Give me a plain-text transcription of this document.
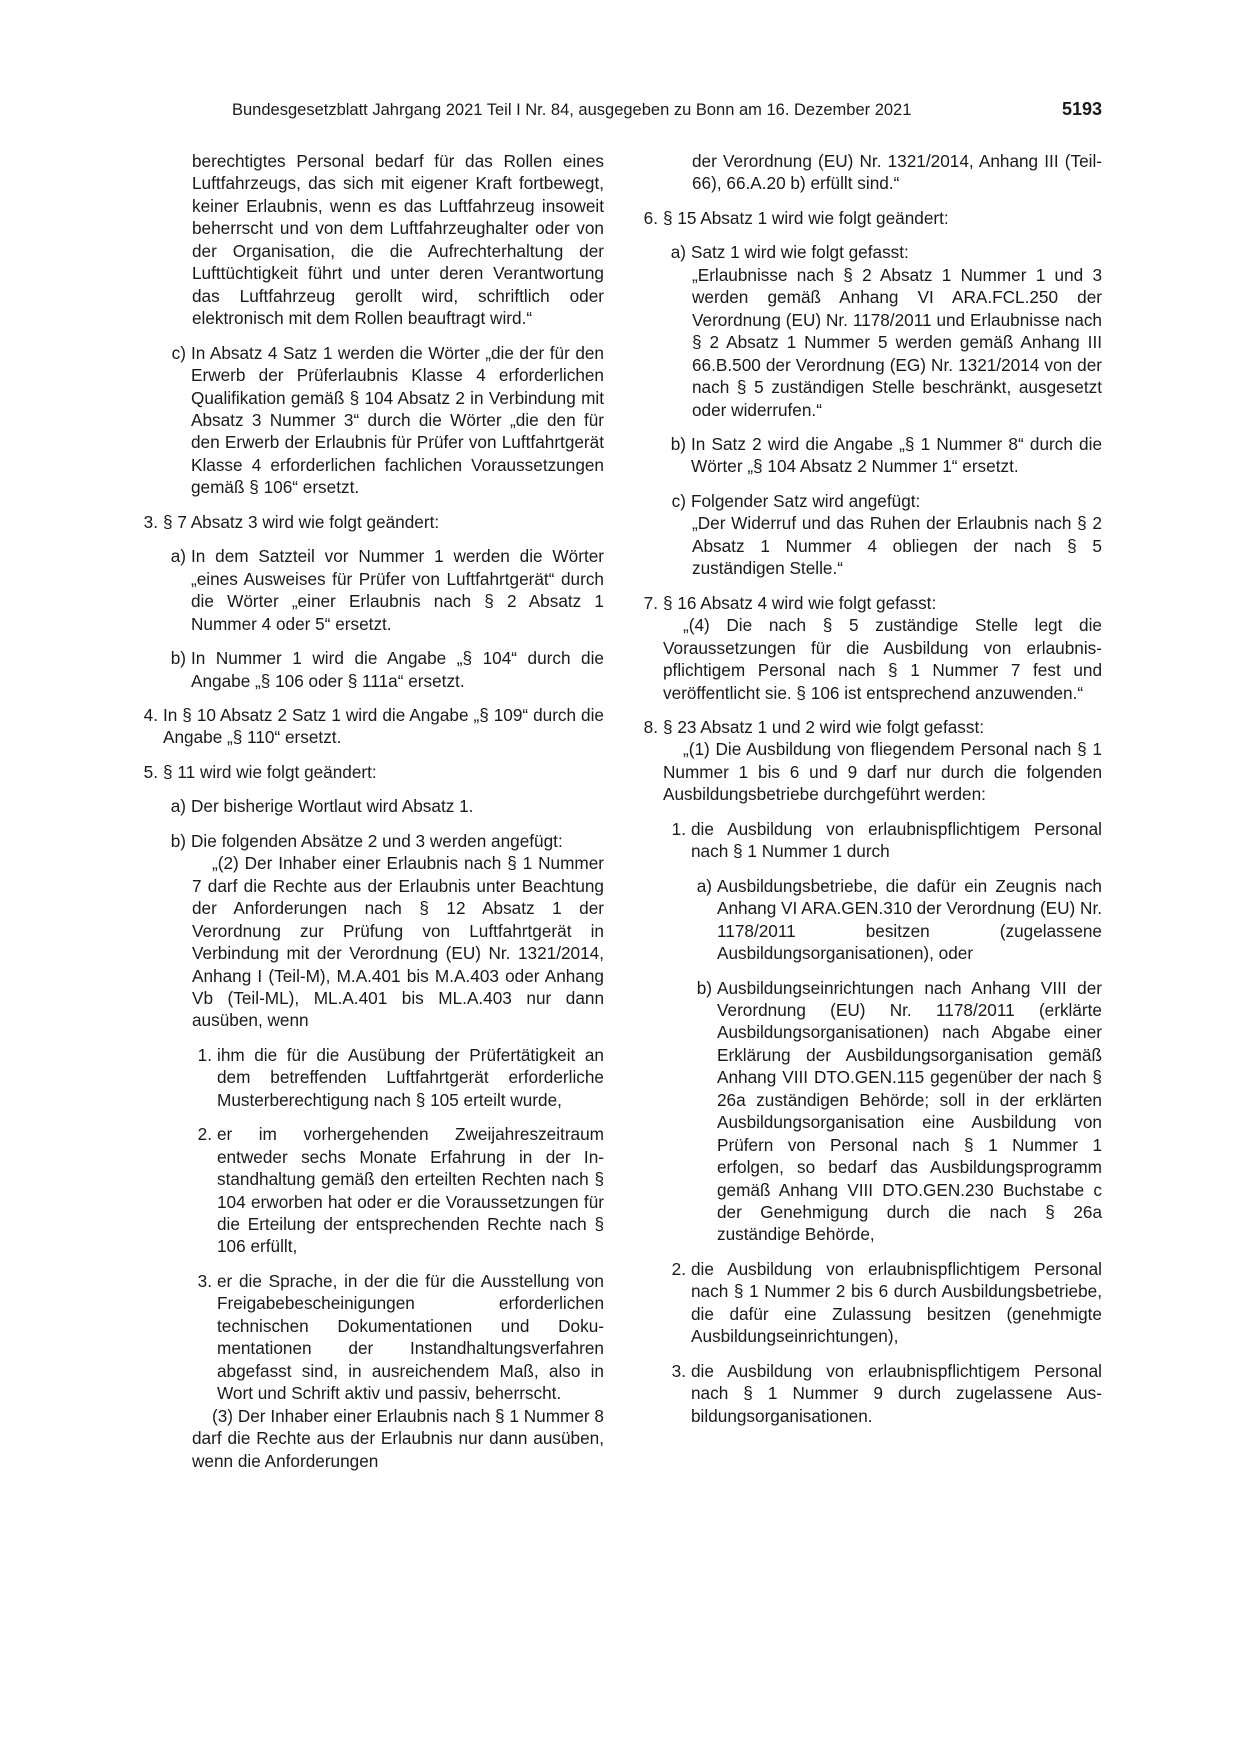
Bundesgesetzblatt Jahrgang 2021 Teil I Nr. 84, ausgegeben zu Bonn am 16. Dezember 2021	5193

berechtigtes Personal bedarf für das Rollen eines Luftfahrzeugs, das sich mit eigener Kraft fortbewegt, keiner Erlaubnis, wenn es das Luftfahrzeug insoweit beherrscht und von dem Luftfahrzeughalter oder von der Organisation, die die Aufrechterhaltung der Lufttüchtigkeit führt und unter deren Verantwortung das Luftfahrzeug gerollt wird, schriftlich oder elektronisch mit dem Rollen beauftragt wird.“

c) In Absatz 4 Satz 1 werden die Wörter „die der für den Erwerb der Prüferlaubnis Klasse 4 erforderlichen Qualifikation gemäß § 104 Absatz 2 in Verbindung mit Absatz 3 Nummer 3“ durch die Wörter „die den für den Erwerb der Erlaubnis für Prüfer von Luftfahrtgerät Klasse 4 erforderlichen fachlichen Voraussetzungen gemäß § 106“ ersetzt.
3. § 7 Absatz 3 wird wie folgt geändert:
a) In dem Satzteil vor Nummer 1 werden die Wörter „eines Ausweises für Prüfer von Luftfahrtgerät“ durch die Wörter „einer Erlaubnis nach § 2 Absatz 1 Nummer 4 oder 5“ ersetzt.
b) In Nummer 1 wird die Angabe „§ 104“ durch die Angabe „§ 106 oder § 111a“ ersetzt.
4. In § 10 Absatz 2 Satz 1 wird die Angabe „§ 109“ durch die Angabe „§ 110“ ersetzt.
5. § 11 wird wie folgt geändert:
a) Der bisherige Wortlaut wird Absatz 1.
b) Die folgenden Absätze 2 und 3 werden angefügt:

„(2) Der Inhaber einer Erlaubnis nach § 1 Nummer 7 darf die Rechte aus der Erlaubnis unter Beachtung der Anforderungen nach § 12 Absatz 1 der Verordnung zur Prüfung von Luftfahrtgerät in Verbindung mit der Verordnung (EU) Nr. 1321/2014, Anhang I (Teil-M), M.A.401 bis M.A.403 oder Anhang Vb (Teil-ML), ML.A.401 bis ML.A.403 nur dann ausüben, wenn

1. ihm die für die Ausübung der Prüfertätigkeit an dem betreffenden Luftfahrtgerät erforderliche Musterberechtigung nach § 105 erteilt wurde,
2. er im vorhergehenden Zweijahreszeitraum entweder sechs Monate Erfahrung in der Instandhaltung gemäß den erteilten Rechten nach § 104 erworben hat oder er die Voraussetzungen für die Erteilung der entsprechenden Rechte nach § 106 erfüllt,
3. er die Sprache, in der die für die Ausstellung von Freigabebescheinigungen erforderlichen technischen Dokumentationen und Dokumentationen der Instandhaltungsverfahren abgefasst sind, in ausreichendem Maß, also in Wort und Schrift aktiv und passiv, beherrscht.

(3) Der Inhaber einer Erlaubnis nach § 1 Nummer 8 darf die Rechte aus der Erlaubnis nur dann ausüben, wenn die Anforderungen

der Verordnung (EU) Nr. 1321/2014, Anhang III (Teil-66), 66.A.20 b) erfüllt sind.“

6. § 15 Absatz 1 wird wie folgt geändert:
a) Satz 1 wird wie folgt gefasst:

„Erlaubnisse nach § 2 Absatz 1 Nummer 1 und 3 werden gemäß Anhang VI ARA.FCL.250 der Verordnung (EU) Nr. 1178/2011 und Erlaubnisse nach § 2 Absatz 1 Nummer 5 werden gemäß Anhang III 66.B.500 der Verordnung (EG) Nr. 1321/2014 von der nach § 5 zuständigen Stelle beschränkt, ausgesetzt oder widerrufen.“

b) In Satz 2 wird die Angabe „§ 1 Nummer 8“ durch die Wörter „§ 104 Absatz 2 Nummer 1“ ersetzt.
c) Folgender Satz wird angefügt:

„Der Widerruf und das Ruhen der Erlaubnis nach § 2 Absatz 1 Nummer 4 obliegen der nach § 5 zuständigen Stelle.“

7. § 16 Absatz 4 wird wie folgt gefasst:

„(4) Die nach § 5 zuständige Stelle legt die Voraussetzungen für die Ausbildung von erlaubnispflichtigem Personal nach § 1 Nummer 7 fest und veröffentlicht sie. § 106 ist entsprechend anzuwenden.“

8. § 23 Absatz 1 und 2 wird wie folgt gefasst:

„(1) Die Ausbildung von fliegendem Personal nach § 1 Nummer 1 bis 6 und 9 darf nur durch die folgenden Ausbildungsbetriebe durchgeführt werden:

1. die Ausbildung von erlaubnispflichtigem Personal nach § 1 Nummer 1 durch
a) Ausbildungsbetriebe, die dafür ein Zeugnis nach Anhang VI ARA.GEN.310 der Verordnung (EU) Nr. 1178/2011 besitzen (zugelassene Ausbildungsorganisationen), oder
b) Ausbildungseinrichtungen nach Anhang VIII der Verordnung (EU) Nr. 1178/2011 (erklärte Ausbildungsorganisationen) nach Abgabe einer Erklärung der Ausbildungsorganisation gemäß Anhang VIII DTO.GEN.115 gegenüber der nach § 26a zuständigen Behörde; soll in der erklärten Ausbildungsorganisation eine Ausbildung von Prüfern von Personal nach § 1 Nummer 1 erfolgen, so bedarf das Ausbildungsprogramm gemäß Anhang VIII DTO.GEN.230 Buchstabe c der Genehmigung durch die nach § 26a zuständige Behörde,
2. die Ausbildung von erlaubnispflichtigem Personal nach § 1 Nummer 2 bis 6 durch Ausbildungsbetriebe, die dafür eine Zulassung besitzen (genehmigte Ausbildungseinrichtungen),
3. die Ausbildung von erlaubnispflichtigem Personal nach § 1 Nummer 9 durch zugelassene Ausbildungsorganisationen.
